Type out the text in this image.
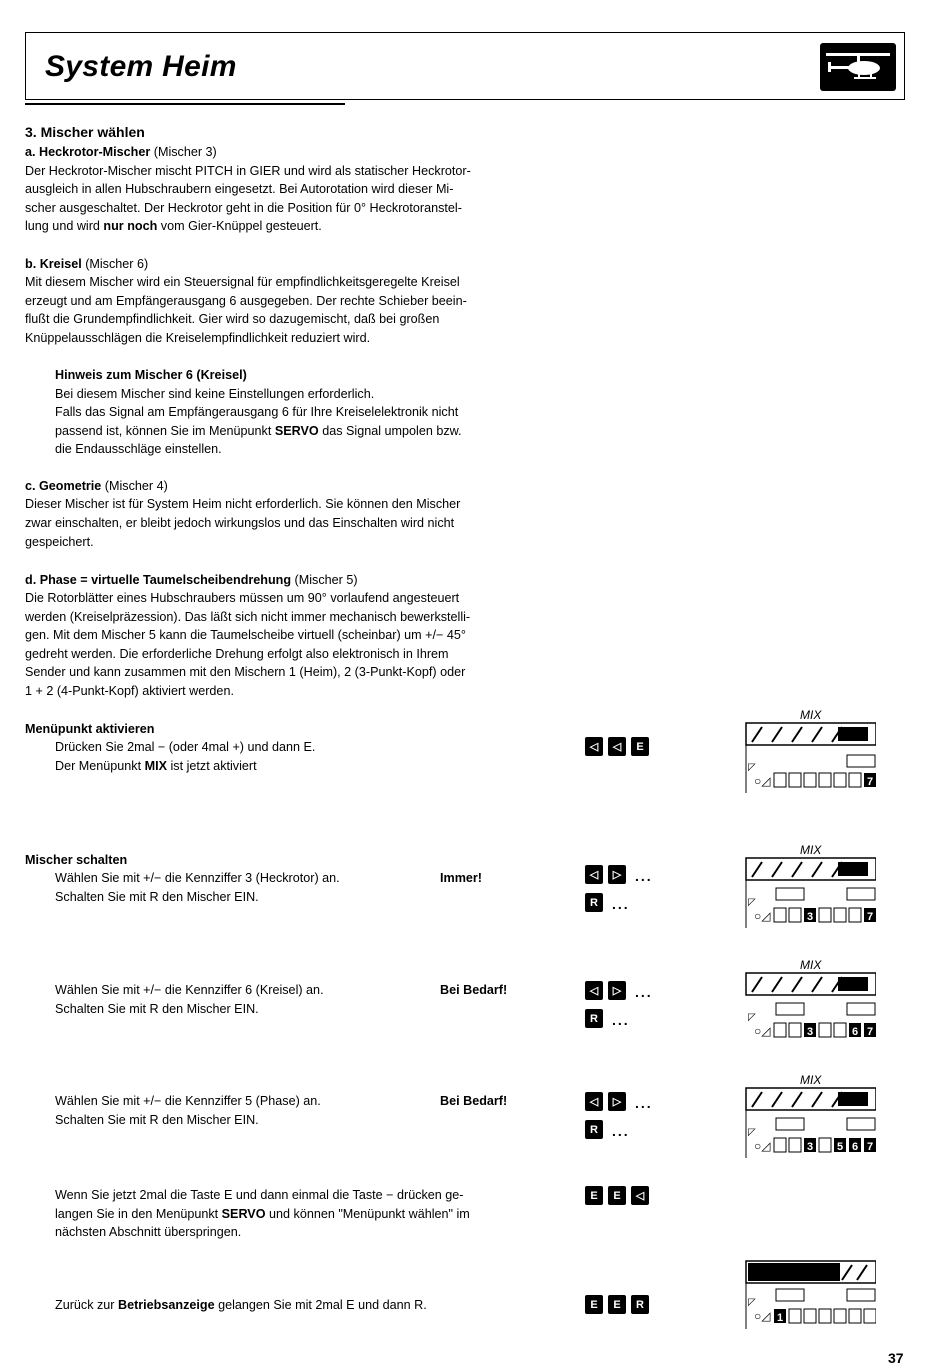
System Heim
3. Mischer wählen
a. Heckrotor-Mischer (Mischer 3)
Der Heckrotor-Mischer mischt PITCH in GIER und wird als statischer Heckrotor-
ausgleich in allen Hubschraubern eingesetzt. Bei Autorotation wird dieser Mi-
scher ausgeschaltet. Der Heckrotor geht in die Position für 0° Heckrotoranstel-
lung und wird nur noch vom Gier-Knüppel gesteuert.
b. Kreisel (Mischer 6)
Mit diesem Mischer wird ein Steuersignal für empfindlichkeitsgeregelte Kreisel
erzeugt und am Empfängerausgang 6 ausgegeben. Der rechte Schieber beein-
flußt die Grundempfindlichkeit. Gier wird so dazugemischt, daß bei großen
Knüppelausschlägen die Kreiselempfindlichkeit reduziert wird.
Hinweis zum Mischer 6 (Kreisel)
Bei diesem Mischer sind keine Einstellungen erforderlich.
Falls das Signal am Empfängerausgang 6 für Ihre Kreiselelektronik nicht
passend ist, können Sie im Menüpunkt SERVO das Signal umpolen bzw.
die Endausschläge einstellen.
c. Geometrie (Mischer 4)
Dieser Mischer ist für System Heim nicht erforderlich. Sie können den Mischer
zwar einschalten, er bleibt jedoch wirkungslos und das Einschalten wird nicht
gespeichert.
d. Phase = virtuelle Taumelscheibendrehung (Mischer 5)
Die Rotorblätter eines Hubschraubers müssen um 90° vorlaufend angesteuert
werden (Kreiselpräzession). Das läßt sich nicht immer mechanisch bewerkstelli-
gen. Mit dem Mischer 5 kann die Taumelscheibe virtuell (scheinbar) um +/− 45°
gedreht werden. Die erforderliche Drehung erfolgt also elektronisch in Ihrem
Sender und kann zusammen mit den Mischern 1 (Heim), 2 (3-Punkt-Kopf) oder
1 + 2 (4-Punkt-Kopf) aktiviert werden.
Menüpunkt aktivieren
Drücken Sie 2mal − (oder 4mal +) und dann E.
Der Menüpunkt MIX ist jetzt aktiviert
◁	◁	E
Mischer schalten
Wählen Sie mit +/− die Kennziffer 3 (Heckrotor) an.
Schalten Sie mit R den Mischer EIN.
Immer!	◁	▷ ...
R	...
Wählen Sie mit +/− die Kennziffer 6 (Kreisel) an.
Schalten Sie mit R den Mischer EIN.
Bei Bedarf!	◁	▷ ...
R	...
Wählen Sie mit +/− die Kennziffer 5 (Phase) an.
Schalten Sie mit R den Mischer EIN.
Bei Bedarf!	◁	▷ ...
R	...
Wenn Sie jetzt 2mal die Taste E und dann einmal die Taste − drücken ge-
langen Sie in den Menüpunkt SERVO und können "Menüpunkt wählen" im
nächsten Abschnitt überspringen.
E	E	◁
Zurück zur Betriebsanzeige gelangen Sie mit 2mal E und dann R.	E	E	R
MIX
◸
○◿	7
MIX
◸
○◿	3	7
MIX
◸
○◿	3	6 7
MIX
◸
○◿	3 5 6 7
◸
○◿ 1
37
